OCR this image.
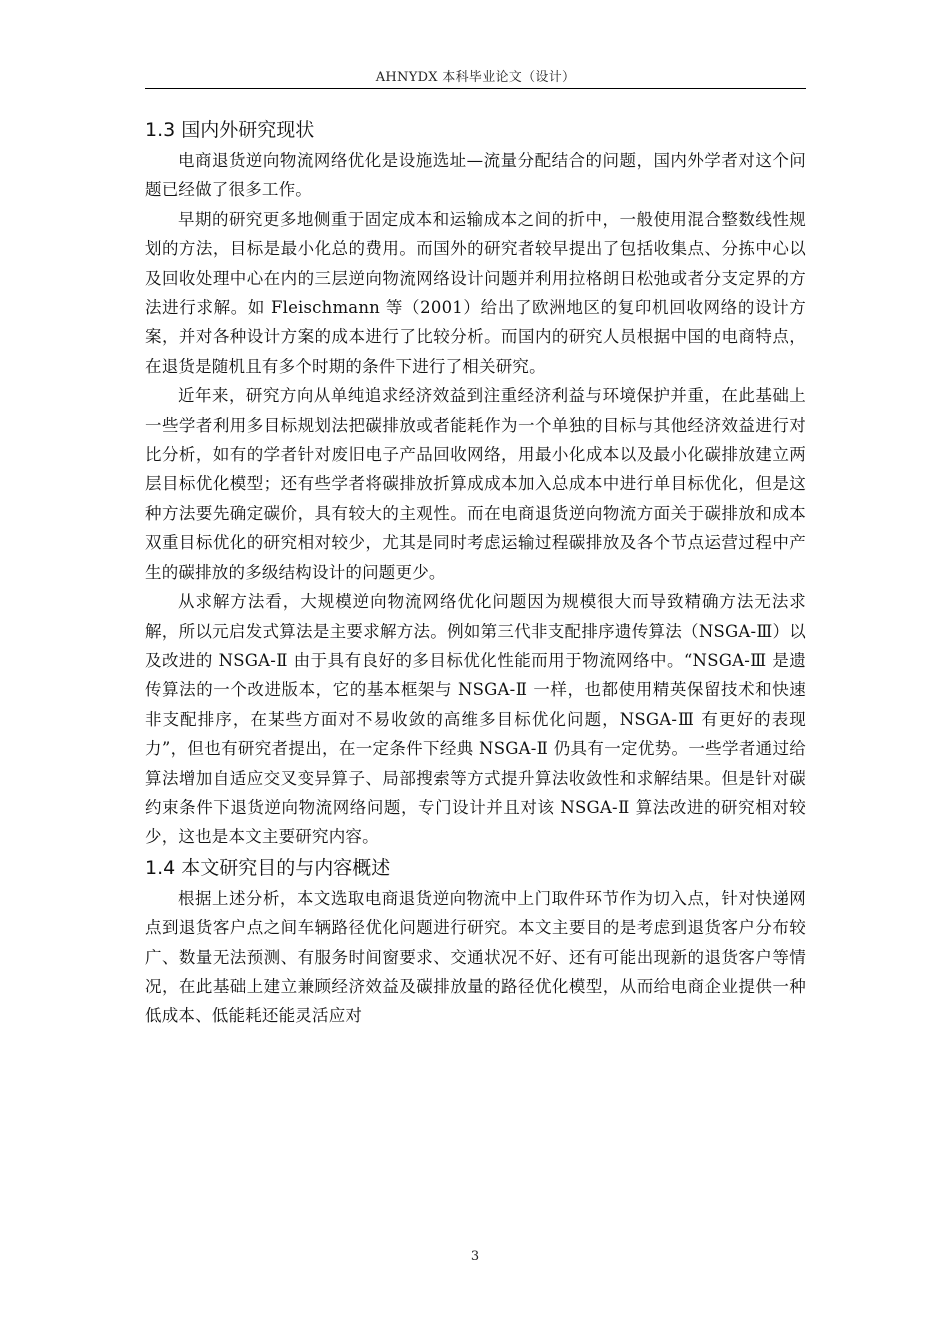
AHNYDX 本科毕业论文（设计）
1.3 国内外研究现状

电商退货逆向物流网络优化是设施选址—流量分配结合的问题，国内外学者对这个问题已经做了很多工作。

早期的研究更多地侧重于固定成本和运输成本之间的折中，一般使用混合整数线性规划的方法，目标是最小化总的费用。而国外的研究者较早提出了包括收集点、分拣中心以及回收处理中心在内的三层逆向物流网络设计问题并利用拉格朗日松弛或者分支定界的方法进行求解。如 Fleischmann 等（2001）给出了欧洲地区的复印机回收网络的设计方案，并对各种设计方案的成本进行了比较分析。而国内的研究人员根据中国的电商特点，在退货是随机且有多个时期的条件下进行了相关研究。

近年来，研究方向从单纯追求经济效益到注重经济利益与环境保护并重，在此基础上一些学者利用多目标规划法把碳排放或者能耗作为一个单独的目标与其他经济效益进行对比分析，如有的学者针对废旧电子产品回收网络，用最小化成本以及最小化碳排放建立两层目标优化模型；还有些学者将碳排放折算成成本加入总成本中进行单目标优化，但是这种方法要先确定碳价，具有较大的主观性。而在电商退货逆向物流方面关于碳排放和成本双重目标优化的研究相对较少，尤其是同时考虑运输过程碳排放及各个节点运营过程中产生的碳排放的多级结构设计的问题更少。

从求解方法看，大规模逆向物流网络优化问题因为规模很大而导致精确方法无法求解，所以元启发式算法是主要求解方法。例如第三代非支配排序遗传算法（NSGA-Ⅲ）以及改进的 NSGA-Ⅱ 由于具有良好的多目标优化性能而用于物流网络中。“NSGA-Ⅲ 是遗传算法的一个改进版本，它的基本框架与 NSGA-Ⅱ 一样，也都使用精英保留技术和快速非支配排序，在某些方面对不易收敛的高维多目标优化问题，NSGA-Ⅲ 有更好的表现力”，但也有研究者提出，在一定条件下经典 NSGA-Ⅱ 仍具有一定优势。一些学者通过给算法增加自适应交叉变异算子、局部搜索等方式提升算法收敛性和求解结果。但是针对碳约束条件下退货逆向物流网络问题，专门设计并且对该 NSGA-Ⅱ 算法改进的研究相对较少，这也是本文主要研究内容。

1.4 本文研究目的与内容概述

根据上述分析，本文选取电商退货逆向物流中上门取件环节作为切入点，针对快递网点到退货客户点之间车辆路径优化问题进行研究。本文主要目的是考虑到退货客户分布较广、数量无法预测、有服务时间窗要求、交通状况不好、还有可能出现新的退货客户等情况，在此基础上建立兼顾经济效益及碳排放量的路径优化模型，从而给电商企业提供一种低成本、低能耗还能灵活应对

3
